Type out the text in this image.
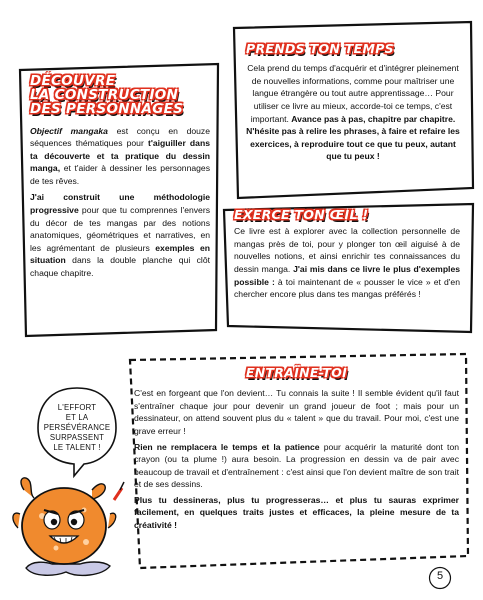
DÉCOUVRE
LA CONSTRUCTION
DES PERSONNAGES

Objectif mangaka est conçu en douze séquences thématiques pour t'aiguiller dans ta découverte et ta pratique du dessin manga, et t'aider à dessiner les personnages de tes rêves.

J'ai construit une méthodologie progressive pour que tu comprennes l'envers du décor de tes mangas par des notions anatomiques, géométriques et narratives, en les agrémentant de plusieurs exemples en situation dans la double planche qui clôt chaque chapitre.

PRENDS TON TEMPS

Cela prend du temps d'acquérir et d'intégrer pleinement de nouvelles informations, comme pour maîtriser une langue étrangère ou tout autre apprentissage… Pour utiliser ce livre au mieux, accorde-toi ce temps, c'est important. Avance pas à pas, chapitre par chapitre. N'hésite pas à relire les phrases, à faire et refaire les exercices, à reproduire tout ce que tu peux, autant que tu peux !

EXERCE TON ŒIL !

Ce livre est à explorer avec la collection personnelle de mangas près de toi, pour y plonger ton œil aiguisé à de nouvelles notions, et ainsi enrichir tes connaissances du dessin manga. J'ai mis dans ce livre le plus d'exemples possible : à toi maintenant de « pousser le vice » et d'en chercher encore plus dans tes mangas préférés !

ENTRAÎNE-TOI

C'est en forgeant que l'on devient… Tu connais la suite ! Il semble évident qu'il faut s'entraîner chaque jour pour devenir un grand joueur de foot ; mais pour un dessinateur, on attend souvent plus du « talent » que du travail. Pour moi, c'est une grave erreur !

Rien ne remplacera le temps et la patience pour acquérir la maturité dont ton crayon (ou ta plume !) aura besoin. La progression en dessin va de pair avec beaucoup de travail et d'entraînement : c'est ainsi que l'on devient maître de son trait et de ses dessins.

Plus tu dessineras, plus tu progresseras… et plus tu sauras exprimer facilement, en quelques traits justes et efficaces, la pleine mesure de ta créativité !

L'EFFORT
ET LA
PERSÉVÉRANCE
SURPASSENT
LE TALENT !
5
